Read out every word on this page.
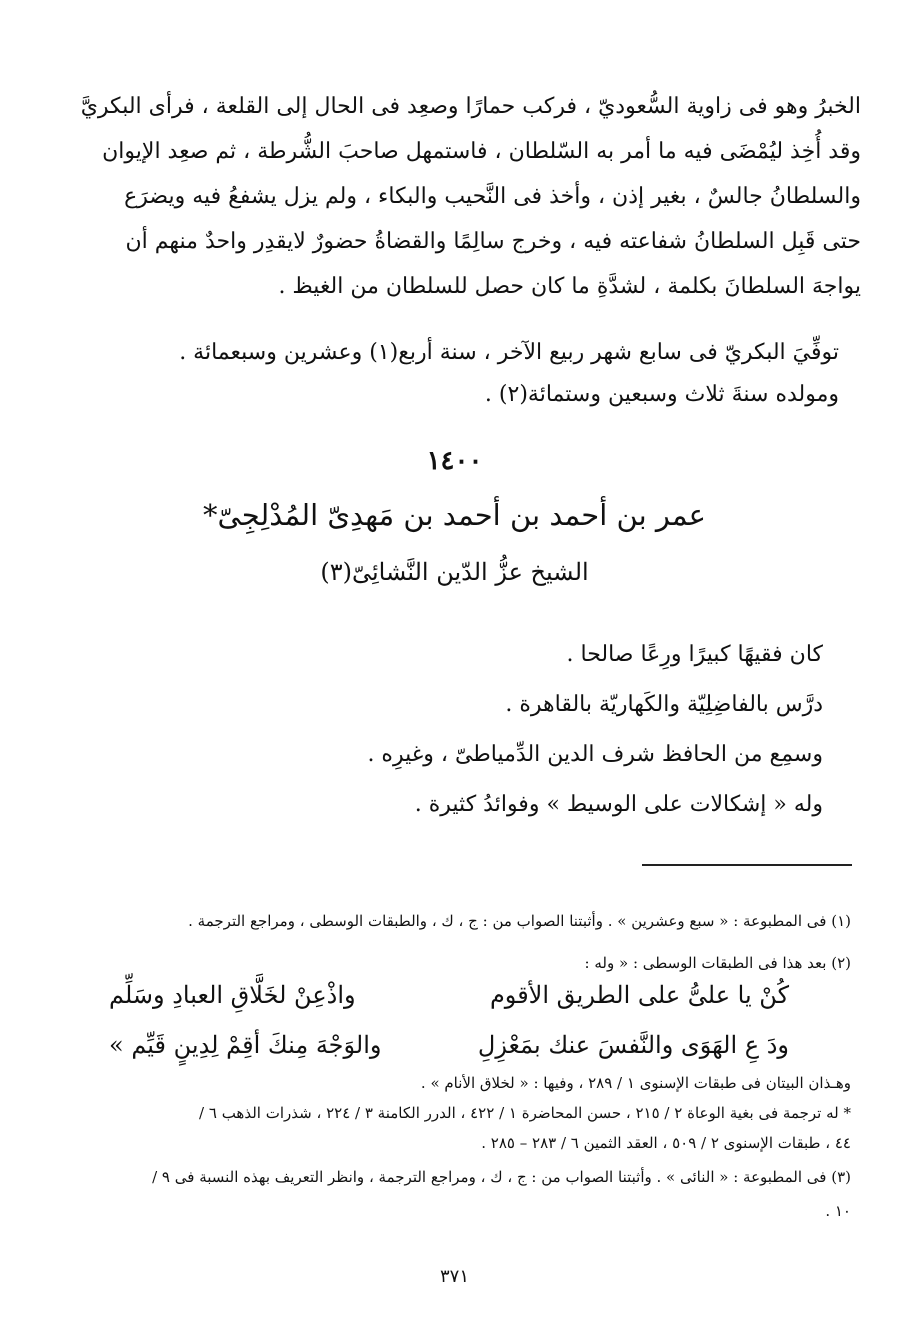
الخبرُ وهو فى زاوية السُّعوديّ ، فركب حمارًا وصعِد فى الحال إلى القلعة ، فرأى البكريَّ
وقد أُخِذ ليُمْضَى فيه ما أمر به السّلطان ، فاستمهل صاحبَ الشُّرطة ، ثم صعِد الإيوان
والسلطانُ جالسٌ ، بغير إذن ، وأخذ فى النَّحيب والبكاء ، ولم يزل يشفعُ فيه ويضرَع
حتى قَبِل السلطانُ شفاعته فيه ، وخرج سالِمًا والقضاةُ حضورٌ لايقدِر واحدٌ منهم أن
يواجهَ السلطانَ بكلمة ، لشدَّةِ ما كان حصل للسلطان من الغيظ .
توفِّيَ البكريّ فى سابع شهر ربيع الآخر ، سنة أربع(١) وعشرين وسبعمائة .
ومولده سنةَ ثلاث وسبعين وستمائة(٢) .
١٤٠٠
عمر بن أحمد بن أحمد بن مَهدِىّ المُدْلِجِىّ*
الشيخ عزُّ الدّين النَّشائِىّ(٣)
كان فقيهًا كبيرًا ورِعًا صالحا .
درَّس بالفاضِلِيّة والكَهاريّة بالقاهرة .
وسمِع من الحافظ شرف الدين الدِّمياطىّ ، وغيرِه .
وله « إشكالات على الوسيط » وفوائدُ كثيرة .
(١) فى المطبوعة : « سبع وعشرين » . وأثبتنا الصواب من : ج ، ك ، والطبقات الوسطى ، ومراجع الترجمة .
(٢) بعد هذا فى الطبقات الوسطى : « وله :
كُنْ يا علىُّ على الطريق الأقوم
واذْعِنْ لخَلَّاقِ العبادِ وسَلِّم
ودَ عِ الهَوَى والنَّفسَ عنك بمَعْزِلِ
والوَجْهَ مِنكَ أقِمْ لِدِينٍ قَيِّم »
وهـذان البيتان فى طبقات الإسنوى ١ / ٢٨٩ ، وفيها : « لخلاق الأنام » .
* له ترجمة فى بغية الوعاة ٢ / ٢١٥ ، حسن المحاضرة ١ / ٤٢٢ ، الدرر الكامنة ٣ / ٢٢٤ ، شذرات الذهب ٦ /
٤٤ ، طبقات الإسنوى ٢ / ٥٠٩ ، العقد الثمين ٦ / ٢٨٣ – ٢٨٥ .
(٣) فى المطبوعة : « النائى » . وأثبتنا الصواب من : ج ، ك ، ومراجع الترجمة ، وانظر التعريف بهذه النسبة فى ٩ /
١٠ .
٣٧١
